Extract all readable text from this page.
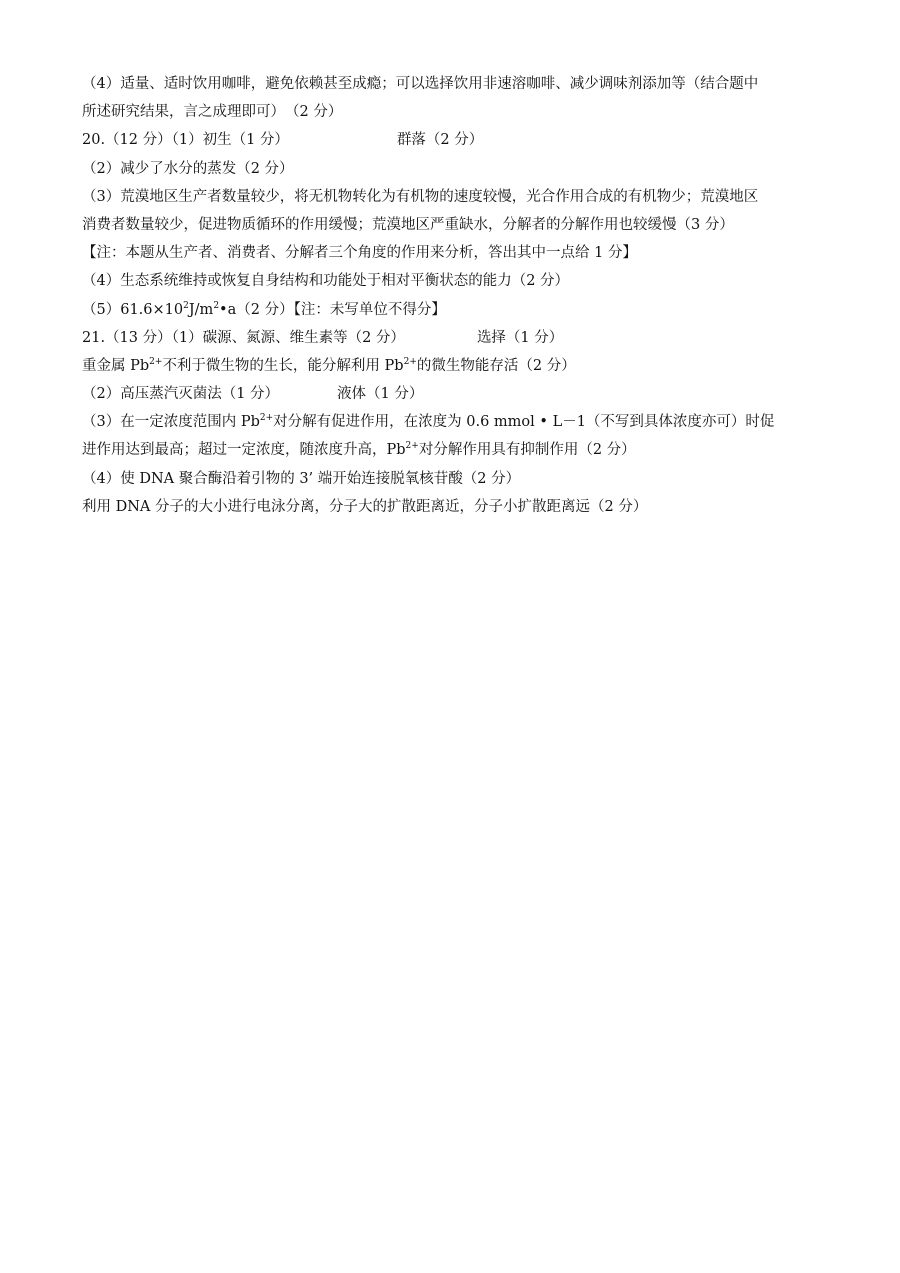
（4）适量、适时饮用咖啡，避免依赖甚至成瘾；可以选择饮用非速溶咖啡、减少调味剂添加等（结合题中
所述研究结果，言之成理即可）　（2 分）
20.（12 分）（1）初生（1 分）	群落（2 分）
（2）减少了水分的蒸发（2 分）
（3）荒漠地区生产者数量较少，将无机物转化为有机物的速度较慢，光合作用合成的有机物少；荒漠地区
消费者数量较少，促进物质循环的作用缓慢；荒漠地区严重缺水，分解者的分解作用也较缓慢（3 分）
【注：本题从生产者、消费者、分解者三个角度的作用来分析，答出其中一点给 1 分】
（4）生态系统维持或恢复自身结构和功能处于相对平衡状态的能力（2 分）
$(5)61.6\times 10^2J/m^2•a(2$ 分）【注：未写单位不得分】
21.（13 分）（1）碳源、氮源、维生素等（2 分）	选择（1 分）
重金属 $Pb^{2+}$不利于微生物的生长，能分解利用 $Pb^{2+}$的微生物能存活（2 分）
（2）高压蒸汽灭菌法（1 分）	液体（1 分）
（3）在一定浓度范围内 $Pb^{2+}$对分解有促进作用，在浓度为 0.6 mmol • L－1（不写到具体浓度亦可）时促
进作用达到最高；超过一定浓度，随浓度升高，$Pb^{2+}$对分解作用具有抑制作用（2 分）
（4）使 DNA 聚合酶沿着引物的 3’ 端开始连接脱氧核苷酸（2 分）
利用 DNA 分子的大小进行电泳分离，分子大的扩散距离近，分子小扩散距离远（2 分）
